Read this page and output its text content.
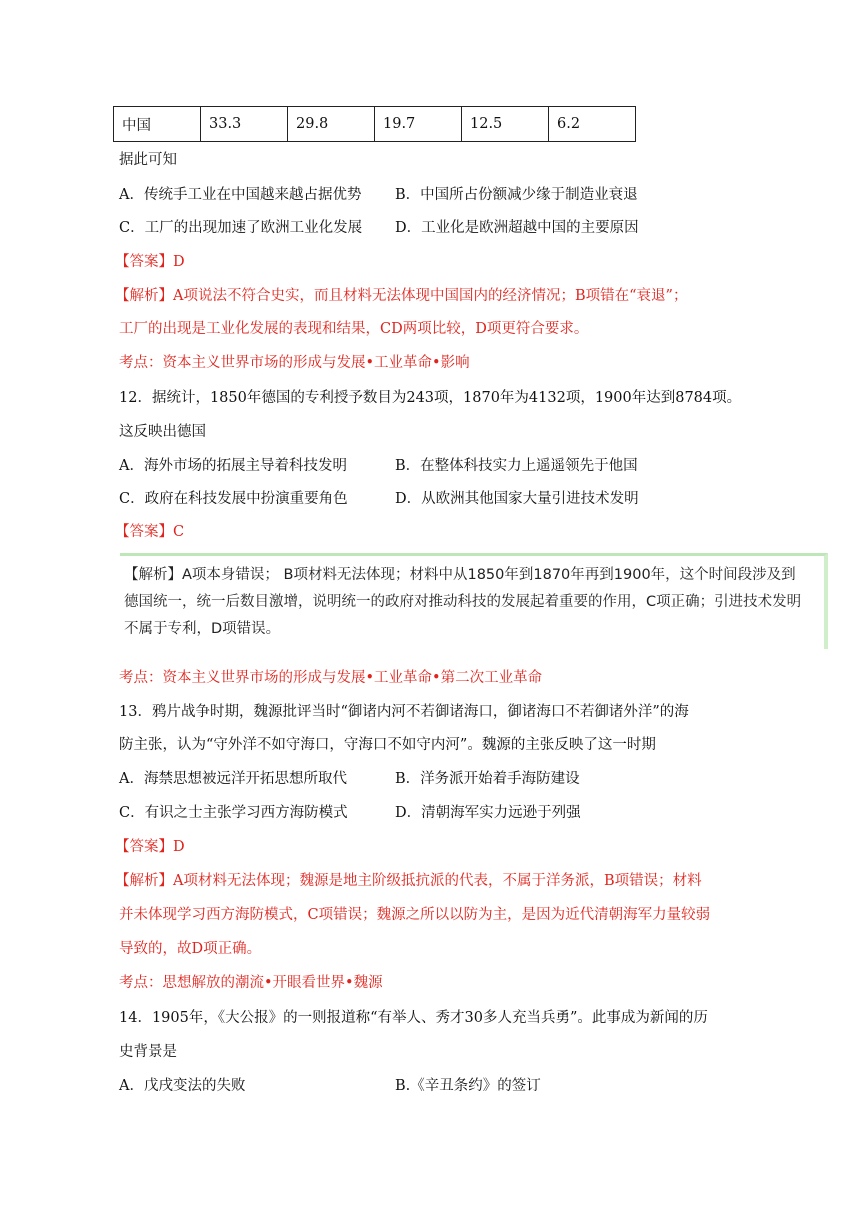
中国	33.3	29.8	19.7	12.5	6.2
据此可知
A．传统手工业在中国越来越占据优势 B．中国所占份额减少缘于制造业衰退
C．工厂的出现加速了欧洲工业化发展 D．工业化是欧洲超越中国的主要原因
【答案】D
【解析】A项说法不符合史实，而且材料无法体现中国国内的经济情况；B项错在“衰退”；
工厂的出现是工业化发展的表现和结果，CD两项比较，D项更符合要求。
考点：资本主义世界市场的形成与发展•工业革命•影响
12．据统计，1850年德国的专利授予数目为243项，1870年为4132项，1900年达到8784项。
这反映出德国
A．海外市场的拓展主导着科技发明	B．在整体科技实力上遥遥领先于他国
C．政府在科技发展中扮演重要角色	D．从欧洲其他国家大量引进技术发明
【答案】C
【解析】A项本身错误； B项材料无法体现；材料中从1850年到1870年再到1900年，这个时间段涉及到
德国统一，统一后数目激增，说明统一的政府对推动科技的发展起着重要的作用，C项正确；引进技术发明
不属于专利，D项错误。
考点：资本主义世界市场的形成与发展•工业革命•第二次工业革命
13．鸦片战争时期，魏源批评当时“御诸内河不若御诸海口，御诸海口不若御诸外洋”的海
防主张，认为“守外洋不如守海口，守海口不如守内河”。魏源的主张反映了这一时期
A．海禁思想被远洋开拓思想所取代	B．洋务派开始着手海防建设
C．有识之士主张学习西方海防模式	D．清朝海军实力远逊于列强
【答案】D
【解析】A项材料无法体现；魏源是地主阶级抵抗派的代表，不属于洋务派，B项错误；材料
并未体现学习西方海防模式，C项错误；魏源之所以以防为主，是因为近代清朝海军力量较弱
导致的，故D项正确。
考点：思想解放的潮流•开眼看世界•魏源
14．1905年，《大公报》的一则报道称“有举人、秀才30多人充当兵勇”。此事成为新闻的历
史背景是
A．戊戌变法的失败	B.《辛丑条约》的签订
